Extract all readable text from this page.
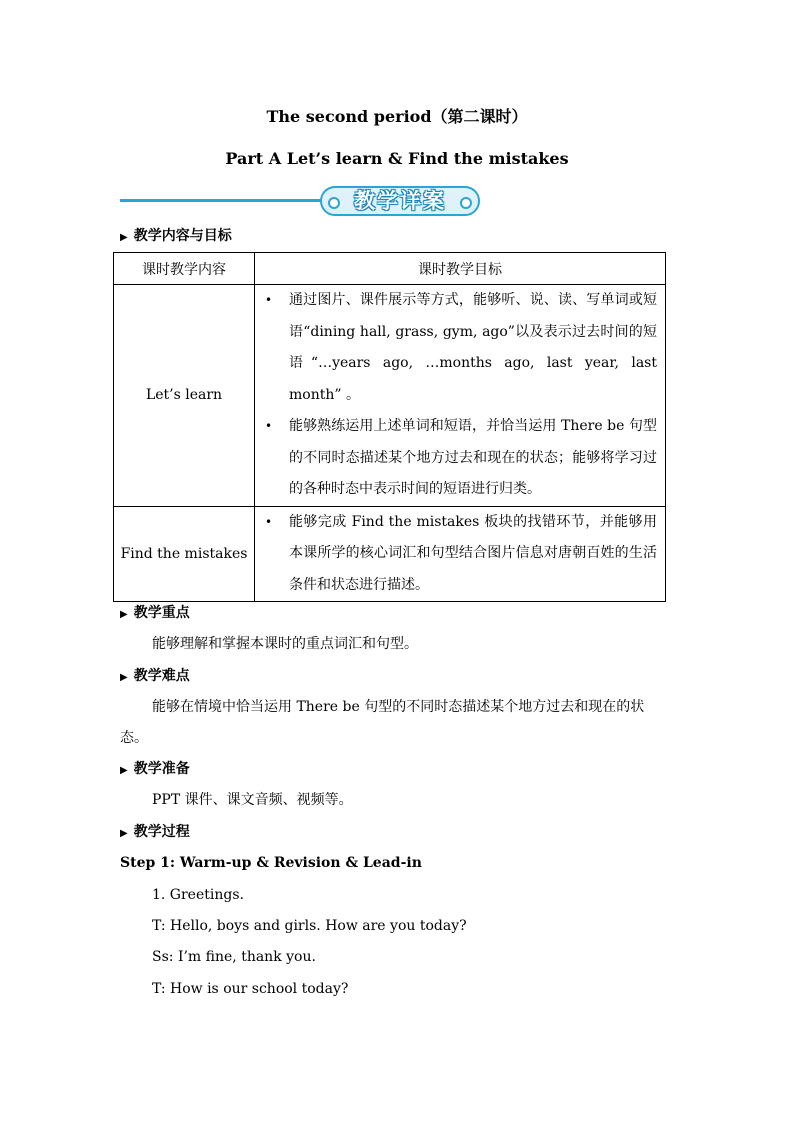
The second period（第二课时）
Part A Let’s learn & Find the mistakes
教学详案
▶ 教学内容与目标
课时教学内容	课时教学目标
Let’s learn	• 通过图片、课件展示等方式，能够听、说、读、写单词或短语“dining hall, grass, gym, ago”以及表示过去时间的短语“…years ago, …months ago, last year, last month” 。
• 能够熟练运用上述单词和短语，并恰当运用 There be 句型的不同时态描述某个地方过去和现在的状态；能够将学习过的各种时态中表示时间的短语进行归类。

Find the mistakes	• 能够完成 Find the mistakes 板块的找错环节，并能够用本课所学的核心词汇和句型结合图片信息对唐朝百姓的生活条件和状态进行描述。
▶ 教学重点
能够理解和掌握本课时的重点词汇和句型。
▶ 教学难点
能够在情境中恰当运用 There be 句型的不同时态描述某个地方过去和现在的状态。
▶ 教学准备
PPT 课件、课文音频、视频等。
▶ 教学过程
Step 1: Warm-up & Revision & Lead-in
1. Greetings.
T: Hello, boys and girls. How are you today?
Ss: I’m fine, thank you.
T: How is our school today?
